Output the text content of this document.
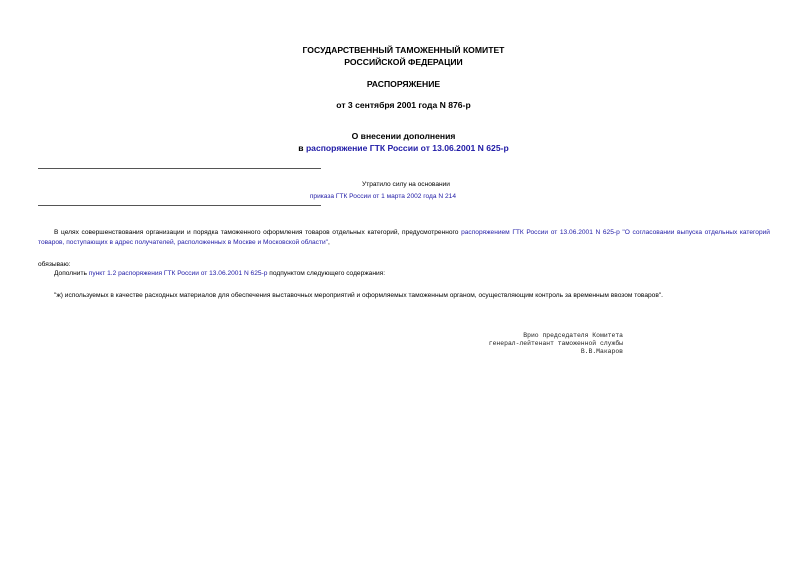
ГОСУДАРСТВЕННЫЙ ТАМОЖЕННЫЙ КОМИТЕТ
РОССИЙСКОЙ ФЕДЕРАЦИИ
РАСПОРЯЖЕНИЕ
от 3 сентября 2001 года N 876-р
О внесении дополнения
в распоряжение ГТК России от 13.06.2001 N 625-р
Утратило силу на основании
приказа ГТК России от 1 марта 2002 года N 214
В целях совершенствования организации и порядка таможенного оформления товаров отдельных категорий, предусмотренного распоряжением ГТК России от 13.06.2001 N 625-р "О согласовании выпуска отдельных категорий товаров, поступающих в адрес получателей, расположенных в Москве и Московской области",
обязываю:
Дополнить пункт 1.2 распоряжения ГТК России от 13.06.2001 N 625-р подпунктом следующего содержания:
"ж) используемых в качестве расходных материалов для обеспечения выставочных мероприятий и оформляемых таможенным органом, осуществляющим контроль за временным ввозом товаров".
Врио председателя Комитета
генерал-лейтенант таможенной службы
В.В.Макаров
